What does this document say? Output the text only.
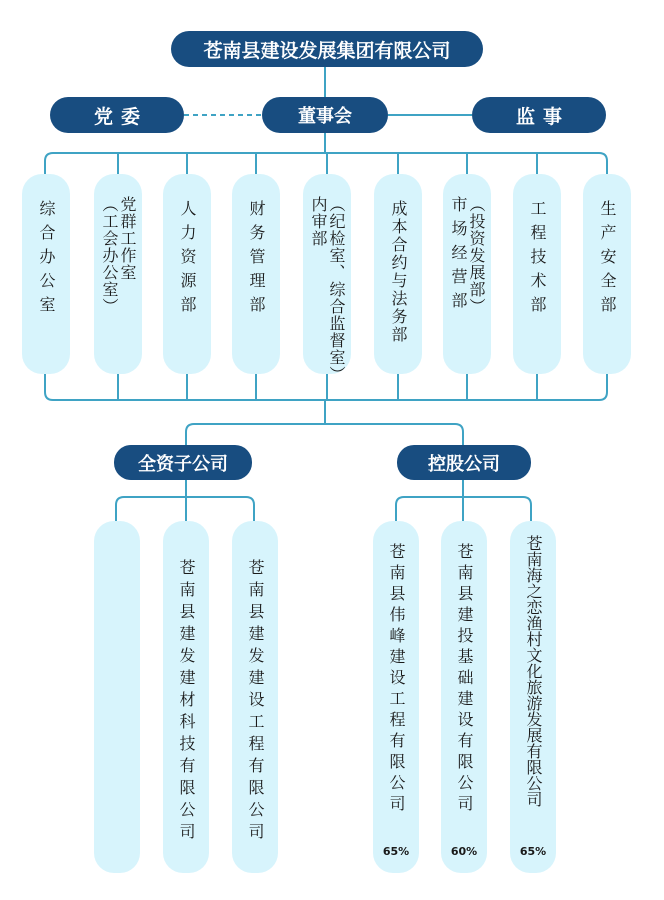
苍南县建设发展集团有限公司
党委	董事会	监事
综合办公室	党群工作室
（工会办公室）	人力资源部	财务管理部	（纪检室、综合监督室）
内审部	成本合约与法务部	（投资发展部）
市场经营部	工程技术部	生产安全部
全资子公司	控股公司
苍南县建发建材科技有限公司	苍南县建发建设工程有限公司	苍南县伟峰建设工程有限公司
65%
苍南县建投基础建设有限公司
60%
苍南海之恋渔村文化旅游发展有限公司
65%
